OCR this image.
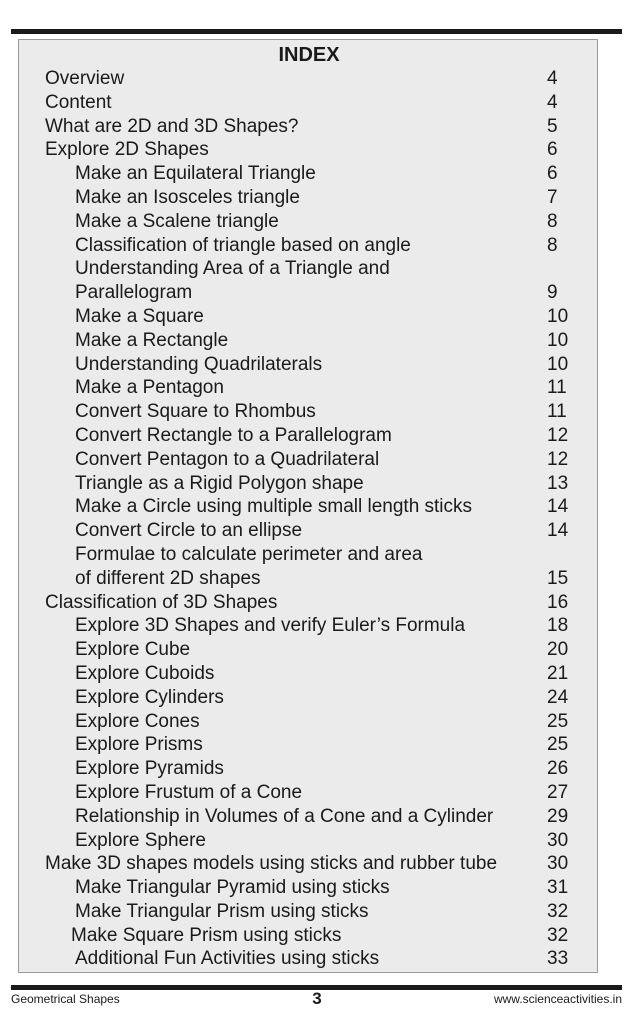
INDEX
Overview	4
Content	4
What are 2D and 3D Shapes?	5
Explore 2D Shapes	6
Make an Equilateral Triangle	6
Make an Isosceles triangle	7
Make a Scalene triangle	8
Classification of triangle based on angle	8
Understanding Area of a Triangle and
Parallelogram	9
Make a Square	10
Make a Rectangle	10
Understanding Quadrilaterals	10
Make a Pentagon	11
Convert Square to Rhombus	11
Convert Rectangle to a Parallelogram	12
Convert Pentagon to a Quadrilateral	12
Triangle as a Rigid Polygon shape	13
Make a Circle using multiple small length sticks	14
Convert Circle to an ellipse	14
Formulae to calculate perimeter and area
of different 2D shapes	15
Classification of 3D Shapes	16
Explore 3D Shapes and verify Euler’s Formula	18
Explore Cube	20
Explore Cuboids	21
Explore Cylinders	24
Explore Cones	25
Explore Prisms	25
Explore Pyramids	26
Explore Frustum of a Cone	27
Relationship in Volumes of a Cone and a Cylinder	29
Explore Sphere	30
Make 3D shapes models using sticks and rubber tube	30
Make Triangular Pyramid using sticks	31
Make Triangular Prism using sticks	32
Make Square Prism using sticks	32
Additional Fun Activities using sticks	33
Geometrical Shapes	3	www.scienceactivities.in
